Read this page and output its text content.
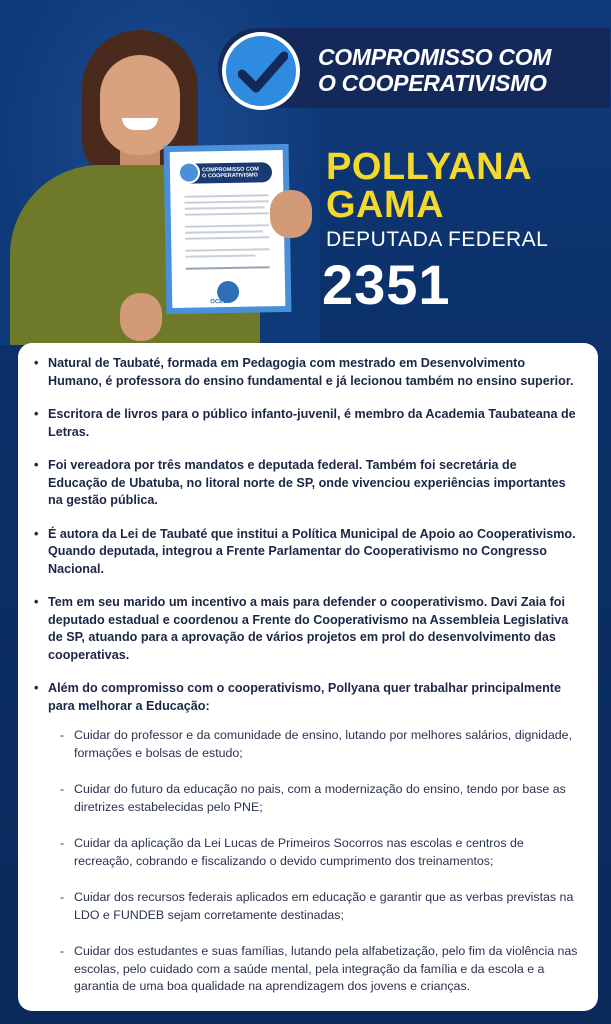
COMPROMISSO COM
O COOPERATIVISMO
OCESP
COMPROMISSO COM
O COOPERATIVISMO
POLLYANA
GAMA
DEPUTADA FEDERAL
2351
• Natural de Taubaté, formada em Pedagogia com mestrado em Desenvolvimento Humano, é professora do ensino fundamental e já lecionou também no ensino superior.
• Escritora de livros para o público infanto-juvenil, é membro da Academia Taubateana de Letras.
• Foi vereadora por três mandatos e deputada federal. Também foi secretária de Educação de Ubatuba, no litoral norte de SP, onde vivenciou experiências importantes na gestão pública.
• É autora da Lei de Taubaté que institui a Política Municipal de Apoio ao Cooperativismo. Quando deputada, integrou a Frente Parlamentar do Cooperativismo no Congresso Nacional.
• Tem em seu marido um incentivo a mais para defender o cooperativismo. Davi Zaia foi deputado estadual e coordenou a Frente do Cooperativismo na Assembleia Legislativa de SP, atuando para a aprovação de vários projetos em prol do desenvolvimento das cooperativas.
• Além do compromisso com o cooperativismo, Pollyana quer trabalhar principalmente para melhorar a Educação:
- Cuidar do professor e da comunidade de ensino, lutando por melhores salários, dignidade, formações e bolsas de estudo;
- Cuidar do futuro da educação no pais, com a modernização do ensino, tendo por base as diretrizes estabelecidas pelo PNE;
- Cuidar da aplicação da Lei Lucas de Primeiros Socorros nas escolas e centros de recreação, cobrando e fiscalizando o devido cumprimento dos treinamentos;
- Cuidar dos recursos federais aplicados em educação e garantir que as verbas previstas na LDO e FUNDEB sejam corretamente destinadas;
- Cuidar dos estudantes e suas famílias, lutando pela alfabetização, pelo fim da violência nas escolas, pelo cuidado com a saúde mental, pela integração da família e da escola e a garantia de uma boa qualidade na aprendizagem dos jovens e crianças.
